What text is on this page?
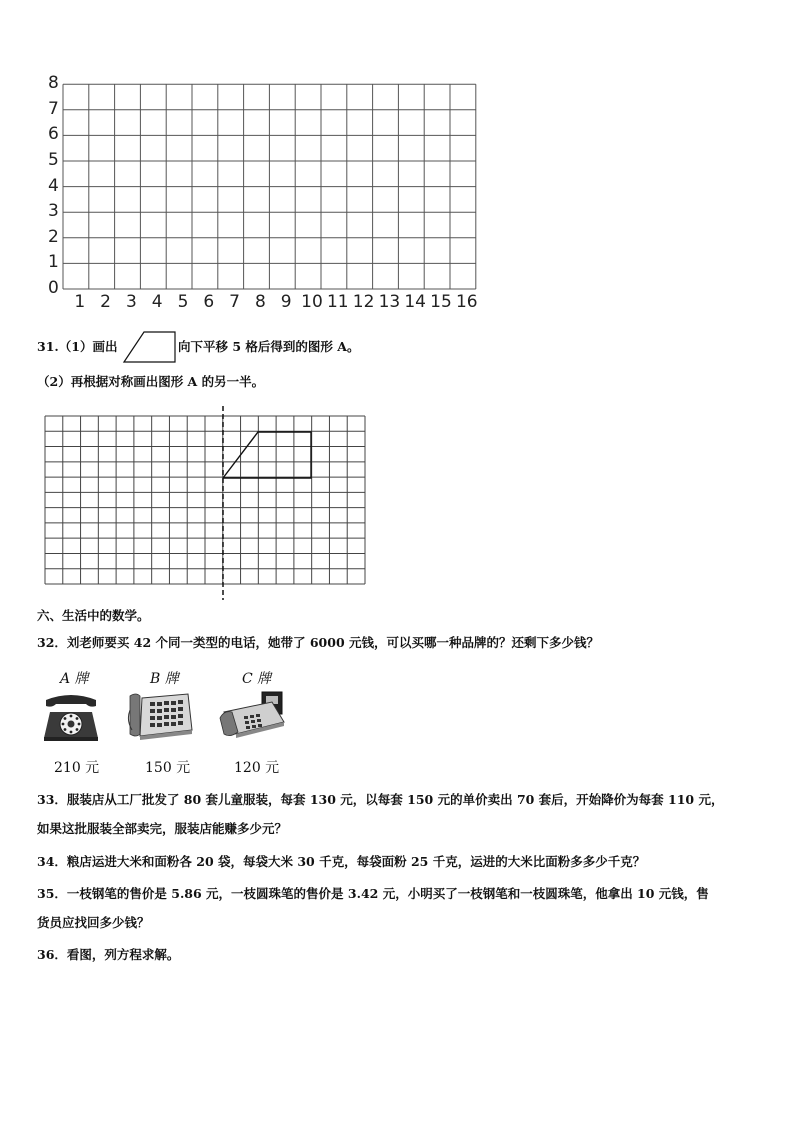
0
1
2
3
4
5
6
7
8
1 2 3 4 5 6 7 8 9 10 11 12 13 14 15 16
31.（1）画出	向下平移 5 格后得到的图形 A。
（2）再根据对称画出图形 A 的另一半。
六、生活中的数学。
32．刘老师要买 42 个同一类型的电话，她带了 6000 元钱，可以买哪一种品牌的？还剩下多少钱？
A 牌
210 元
B 牌
150 元
C 牌
120 元
33．服装店从工厂批发了 80 套儿童服装，每套 130 元，以每套 150 元的单价卖出 70 套后，开始降价为每套 110 元，
如果这批服装全部卖完，服装店能赚多少元？
34．粮店运进大米和面粉各 20 袋，每袋大米 30 千克，每袋面粉 25 千克，运进的大米比面粉多多少千克？
35．一枝钢笔的售价是 5.86 元，一枝圆珠笔的售价是 3.42 元，小明买了一枝钢笔和一枝圆珠笔，他拿出 10 元钱，售
货员应找回多少钱？
36．看图，列方程求解。
